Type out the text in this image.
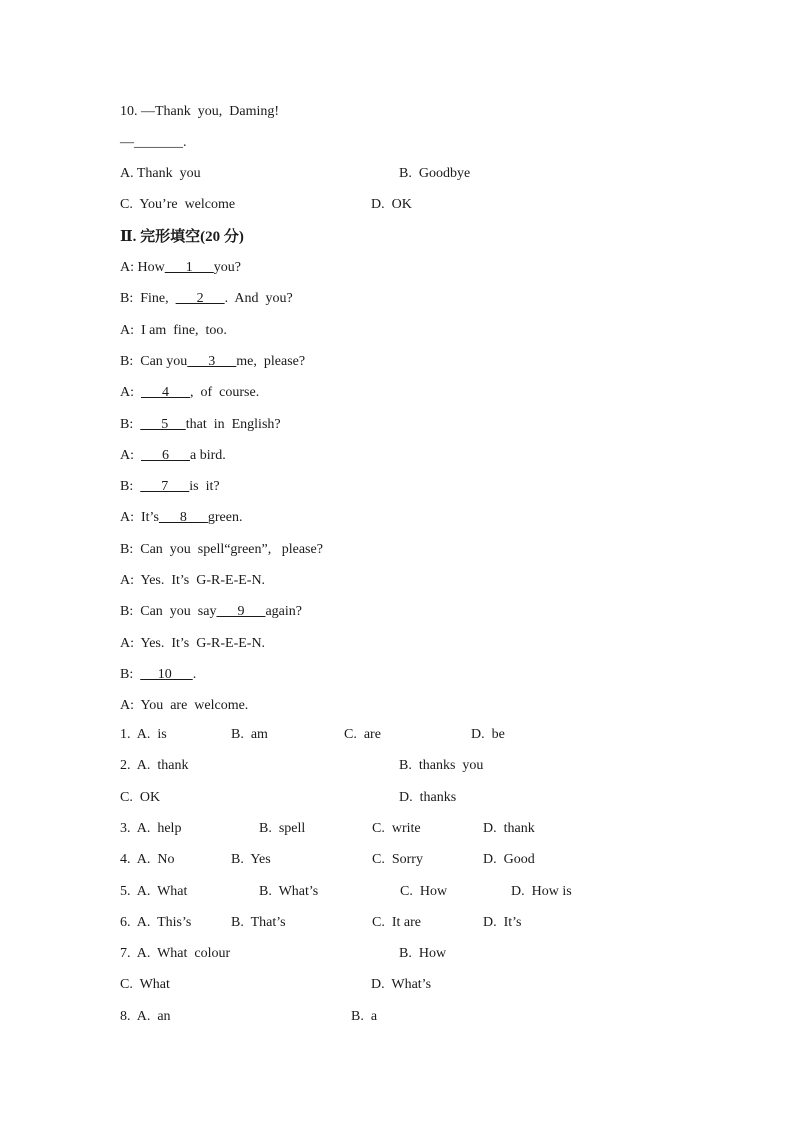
10. —Thank  you,  Daming!
—_______.
A. Thank  you	B.  Goodbye
C.  You’re  welcome	D.  OK
Ⅱ. 完形填空(20 分)
A: How      1      you?
B:  Fine,        2      .  And  you?
A:  I am  fine,  too.
B:  Can you      3      me,  please?
A:        4      ,  of  course.
B:        5     that  in  English?
A:        6      a bird.
B:        7      is  it?
A:  It’s      8      green.
B:  Can  you  spell“green”,   please?
A:  Yes.  It’s  G-R-E-E-N.
B:  Can  you  say      9      again?
A:  Yes.  It’s  G-R-E-E-N.
B:       10      .
A:  You  are  welcome.
1.  A.  is	B.  am	C.  are	D.  be
2.  A.  thank	B.  thanks  you
C.  OK	D.  thanks
3.  A.  help	B.  spell	C.  write	D.  thank
4.  A.  No	B.  Yes	C.  Sorry	D.  Good
5.  A.  What	B.  What’s	C.  How	D.  How is
6.  A.  This’s	B.  That’s	C.  It are	D.  It’s
7.  A.  What  colour	B.  How
C.  What	D.  What’s
8.  A.  an	B.  a
